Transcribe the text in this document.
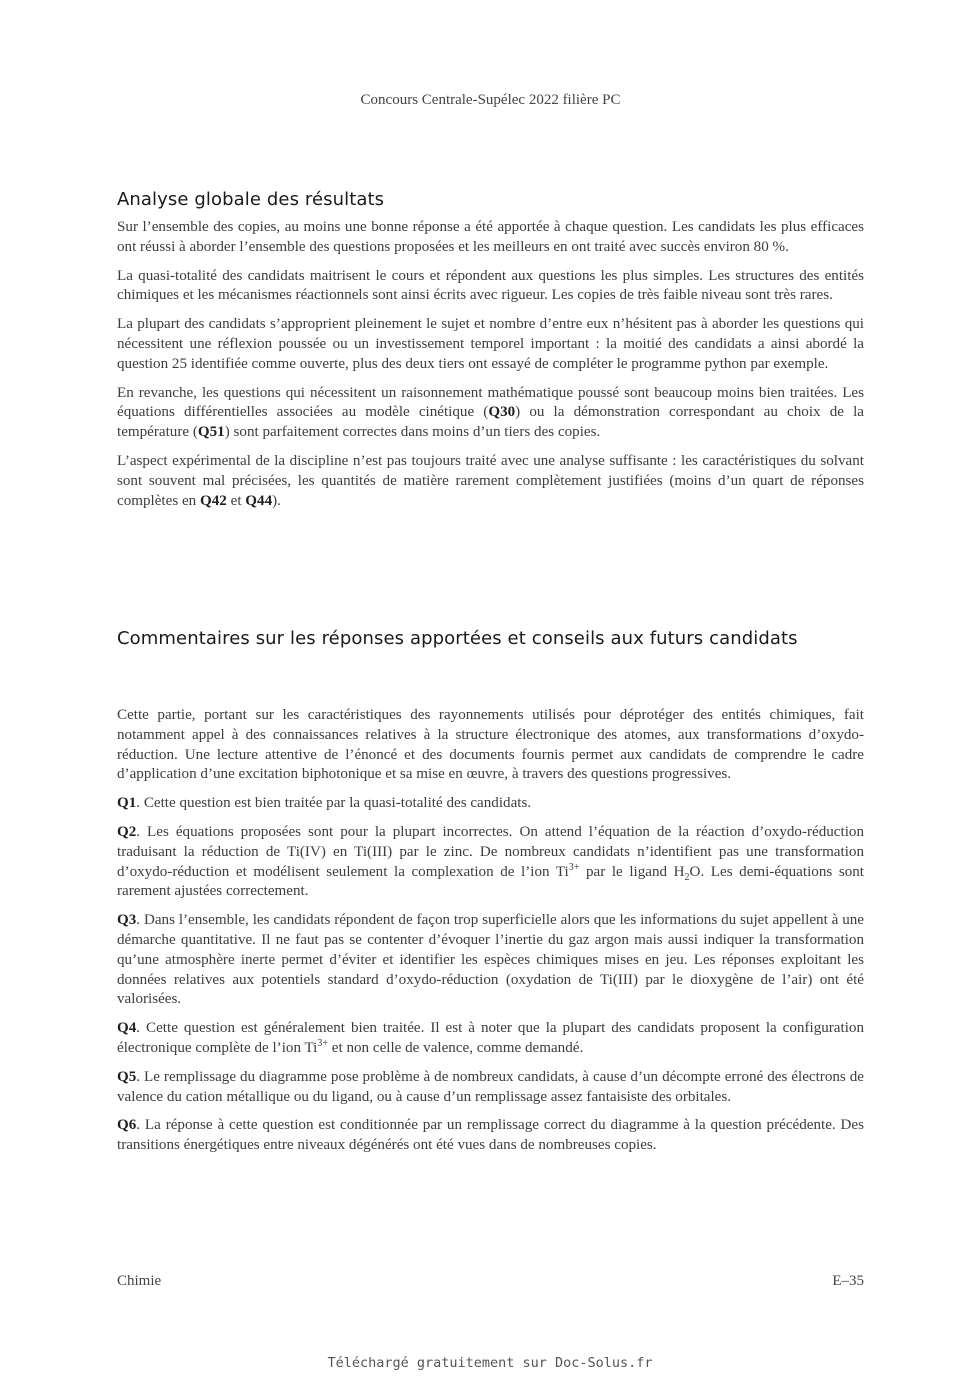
Concours Centrale-Supélec 2022 filière PC
Analyse globale des résultats

Sur l’ensemble des copies, au moins une bonne réponse a été apportée à chaque question. Les candidats les plus efficaces ont réussi à aborder l’ensemble des questions proposées et les meilleurs en ont traité avec succès environ 80 %.

La quasi-totalité des candidats maitrisent le cours et répondent aux questions les plus simples. Les structures des entités chimiques et les mécanismes réactionnels sont ainsi écrits avec rigueur. Les copies de très faible niveau sont très rares.

La plupart des candidats s’approprient pleinement le sujet et nombre d’entre eux n’hésitent pas à aborder les questions qui nécessitent une réflexion poussée ou un investissement temporel important : la moitié des candidats a ainsi abordé la question 25 identifiée comme ouverte, plus des deux tiers ont essayé de compléter le programme python par exemple.

En revanche, les questions qui nécessitent un raisonnement mathématique poussé sont beaucoup moins bien traitées. Les équations différentielles associées au modèle cinétique (Q30) ou la démonstration correspondant au choix de la température (Q51) sont parfaitement correctes dans moins d’un tiers des copies.

L’aspect expérimental de la discipline n’est pas toujours traité avec une analyse suffisante : les caractéristiques du solvant sont souvent mal précisées, les quantités de matière rarement complètement justifiées (moins d’un quart de réponses complètes en Q42 et Q44).

Commentaires sur les réponses apportées et conseils aux futurs candidats

Cette partie, portant sur les caractéristiques des rayonnements utilisés pour déprotéger des entités chimiques, fait notamment appel à des connaissances relatives à la structure électronique des atomes, aux transformations d’oxydo-réduction. Une lecture attentive de l’énoncé et des documents fournis permet aux candidats de comprendre le cadre d’application d’une excitation biphotonique et sa mise en œuvre, à travers des questions progressives.

Q1. Cette question est bien traitée par la quasi-totalité des candidats.

Q2. Les équations proposées sont pour la plupart incorrectes. On attend l’équation de la réaction d’oxydo-réduction traduisant la réduction de Ti(IV) en Ti(III) par le zinc. De nombreux candidats n’identifient pas une transformation d’oxydo-réduction et modélisent seulement la complexation de l’ion $Ti^{3+}$ par le ligand $H_2O$. Les demi-équations sont rarement ajustées correctement.

Q3. Dans l’ensemble, les candidats répondent de façon trop superficielle alors que les informations du sujet appellent à une démarche quantitative. Il ne faut pas se contenter d’évoquer l’inertie du gaz argon mais aussi indiquer la transformation qu’une atmosphère inerte permet d’éviter et identifier les espèces chimiques mises en jeu. Les réponses exploitant les données relatives aux potentiels standard d’oxydo-réduction (oxydation de Ti(III) par le dioxygène de l’air) ont été valorisées.

Q4. Cette question est généralement bien traitée. Il est à noter que la plupart des candidats proposent la configuration électronique complète de l’ion $Ti^{3+}$ et non celle de valence, comme demandé.

Q5. Le remplissage du diagramme pose problème à de nombreux candidats, à cause d’un décompte erroné des électrons de valence du cation métallique ou du ligand, ou à cause d’un remplissage assez fantaisiste des orbitales.

Q6. La réponse à cette question est conditionnée par un remplissage correct du diagramme à la question précédente. Des transitions énergétiques entre niveaux dégénérés ont été vues dans de nombreuses copies.

Chimie	E–35
Téléchargé gratuitement sur Doc-Solus.fr
